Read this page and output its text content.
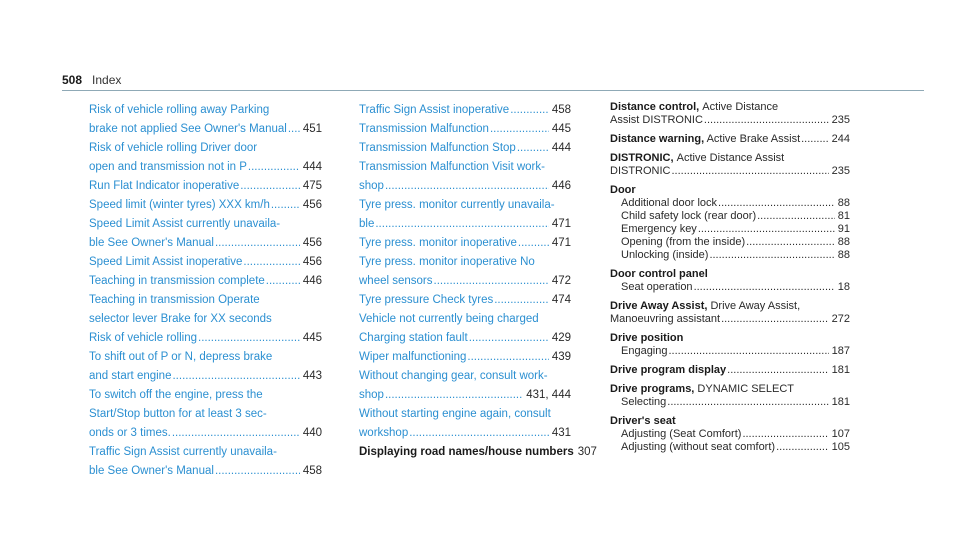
508 Index
Risk of vehicle rolling away Parking
brake not applied See Owner's Manual ..... 451
Risk of vehicle rolling Driver door
open and transmission not in P .....	444
Run Flat Indicator inoperative .....	475
Speed limit (winter tyres) XXX km/h .....	456
Speed Limit Assist currently unavaila-
ble See Owner's Manual .....	456
Speed Limit Assist inoperative .....	456
Teaching in transmission complete .....	446
Teaching in transmission Operate
selector lever Brake for XX seconds
Risk of vehicle rolling .....	445
To shift out of P or N, depress brake
and start engine .....	443
To switch off the engine, press the
Start/Stop button for at least 3 sec-
onds or 3 times. .....	440
Traffic Sign Assist currently unavaila-
ble See Owner's Manual .....	458
Traffic Sign Assist inoperative .....	458
Transmission Malfunction .....	445
Transmission Malfunction Stop .....	444
Transmission Malfunction Visit work-
shop .....	446
Tyre press. monitor currently unavaila-
ble .....	471
Tyre press. monitor inoperative .....	471
Tyre press. monitor inoperative No
wheel sensors .....	472
Tyre pressure Check tyres .....	474
Vehicle not currently being charged
Charging station fault .....	429
Wiper malfunctioning .....	439
Without changing gear, consult work-
shop .....	431, 444
Without starting engine again, consult
workshop .....	431
Displaying road names/house numbers 307
Distance control, Active Distance
Assist DISTRONIC .....	235
Distance warning, Active Brake Assist .....	244
DISTRONIC, Active Distance Assist
DISTRONIC .....	235
Door
Additional door lock .....	88
Child safety lock (rear door) .....	81
Emergency key .....	91
Opening (from the inside) .....	88
Unlocking (inside) .....	88
Door control panel
Seat operation .....	18
Drive Away Assist, Drive Away Assist,
Manoeuvring assistant .....	272
Drive position
Engaging .....	187
Drive program display .....	181
Drive programs, DYNAMIC SELECT
Selecting .....	181
Driver's seat
Adjusting (Seat Comfort) .....	107
Adjusting (without seat comfort) .....	105
